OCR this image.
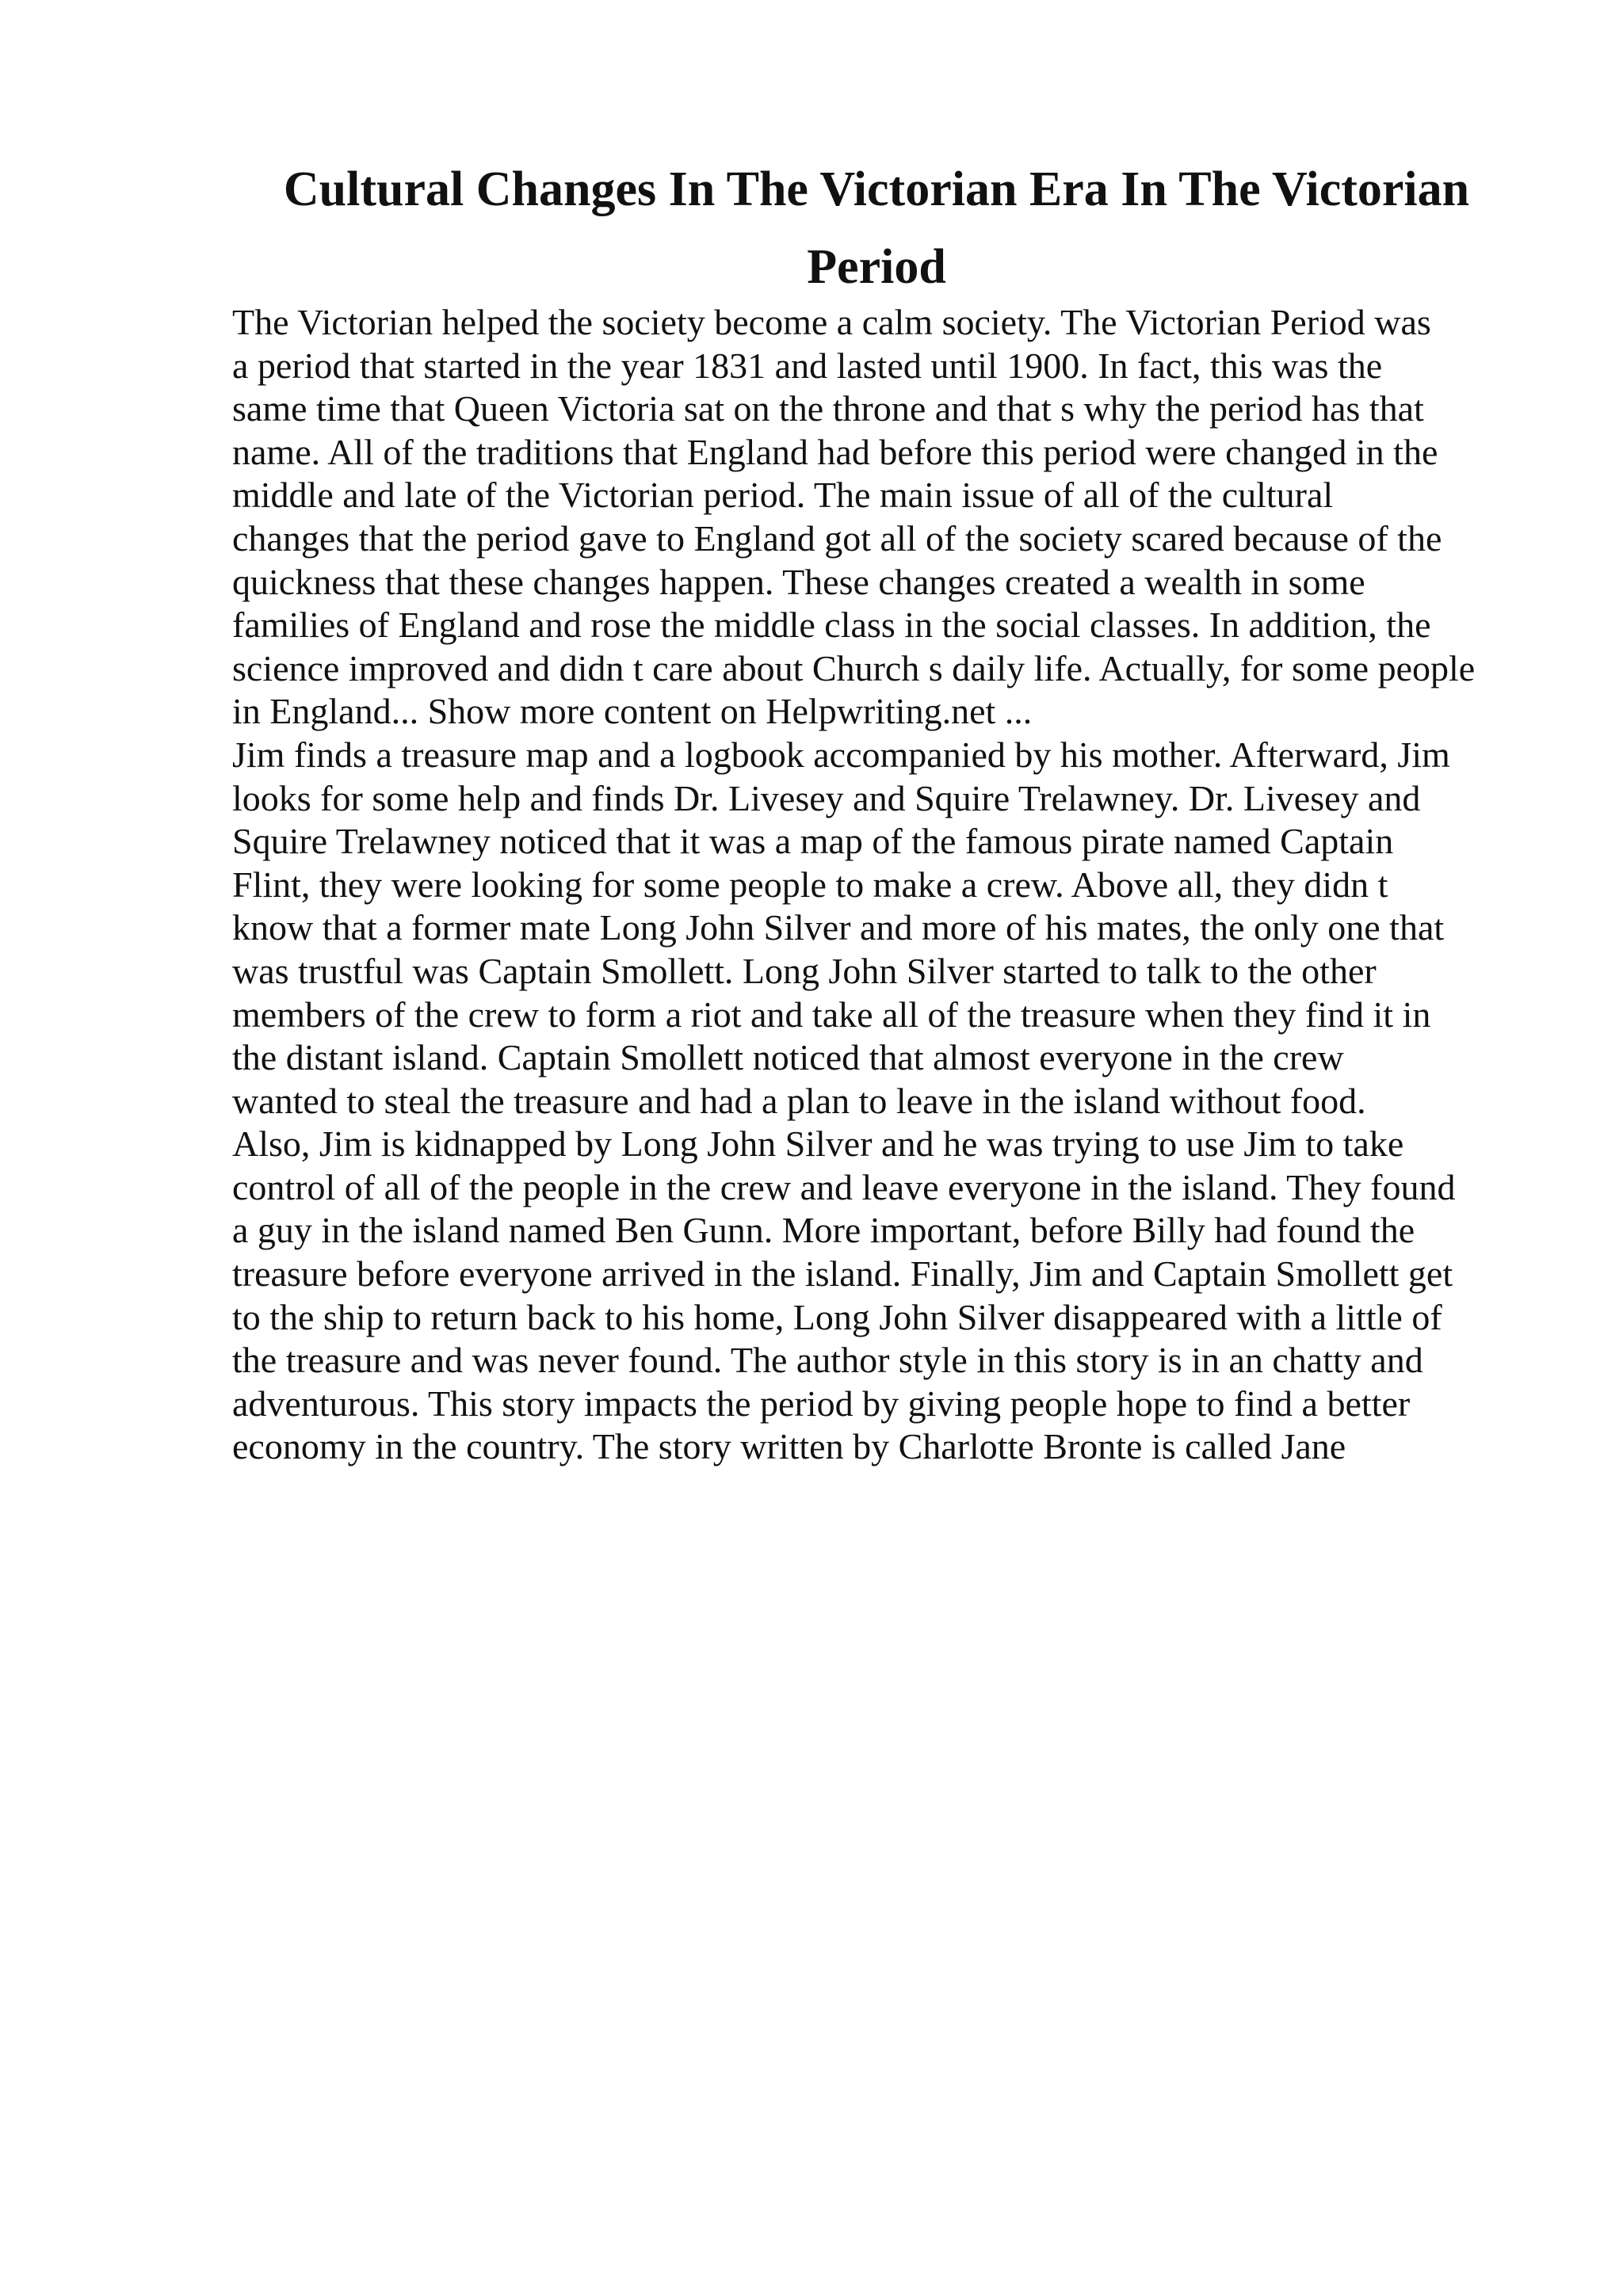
Cultural Changes In The Victorian Era In The Victorian Period
The Victorian helped the society become a calm society. The Victorian Period was
a period that started in the year 1831 and lasted until 1900. In fact, this was the
same time that Queen Victoria sat on the throne and that s why the period has that
name. All of the traditions that England had before this period were changed in the
middle and late of the Victorian period. The main issue of all of the cultural
changes that the period gave to England got all of the society scared because of the
quickness that these changes happen. These changes created a wealth in some
families of England and rose the middle class in the social classes. In addition, the
science improved and didn t care about Church s daily life. Actually, for some people
in England... Show more content on Helpwriting.net ...
Jim finds a treasure map and a logbook accompanied by his mother. Afterward, Jim
looks for some help and finds Dr. Livesey and Squire Trelawney. Dr. Livesey and
Squire Trelawney noticed that it was a map of the famous pirate named Captain
Flint, they were looking for some people to make a crew. Above all, they didn t
know that a former mate Long John Silver and more of his mates, the only one that
was trustful was Captain Smollett. Long John Silver started to talk to the other
members of the crew to form a riot and take all of the treasure when they find it in
the distant island. Captain Smollett noticed that almost everyone in the crew
wanted to steal the treasure and had a plan to leave in the island without food.
Also, Jim is kidnapped by Long John Silver and he was trying to use Jim to take
control of all of the people in the crew and leave everyone in the island. They found
a guy in the island named Ben Gunn. More important, before Billy had found the
treasure before everyone arrived in the island. Finally, Jim and Captain Smollett get
to the ship to return back to his home, Long John Silver disappeared with a little of
the treasure and was never found. The author style in this story is in an chatty and
adventurous. This story impacts the period by giving people hope to find a better
economy in the country. The story written by Charlotte Bronte is called Jane
